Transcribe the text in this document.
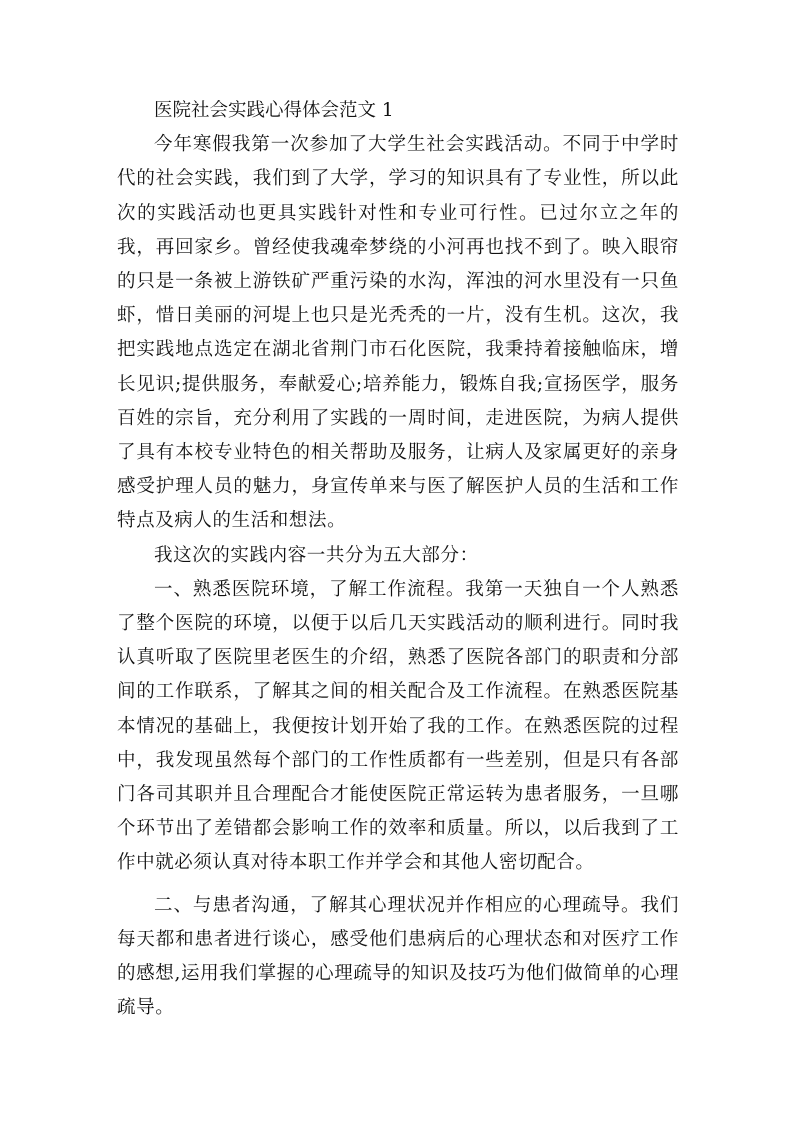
医院社会实践心得体会范文 1

今年寒假我第一次参加了大学生社会实践活动。不同于中学时代的社会实践，我们到了大学，学习的知识具有了专业性，所以此次的实践活动也更具实践针对性和专业可行性。已过尔立之年的我，再回家乡。曾经使我魂牵梦绕的小河再也找不到了。映入眼帘的只是一条被上游铁矿严重污染的水沟，浑浊的河水里没有一只鱼虾，惜日美丽的河堤上也只是光秃秃的一片，没有生机。这次，我把实践地点选定在湖北省荆门市石化医院，我秉持着接触临床，增长见识;提供服务，奉献爱心;培养能力，锻炼自我;宣扬医学，服务百姓的宗旨，充分利用了实践的一周时间，走进医院，为病人提供了具有本校专业特色的相关帮助及服务，让病人及家属更好的亲身感受护理人员的魅力，身宣传单来与医了解医护人员的生活和工作特点及病人的生活和想法。

我这次的实践内容一共分为五大部分：

一、熟悉医院环境，了解工作流程。我第一天独自一个人熟悉了整个医院的环境，以便于以后几天实践活动的顺利进行。同时我认真听取了医院里老医生的介绍，熟悉了医院各部门的职责和分部间的工作联系，了解其之间的相关配合及工作流程。在熟悉医院基本情况的基础上，我便按计划开始了我的工作。在熟悉医院的过程中，我发现虽然每个部门的工作性质都有一些差别，但是只有各部门各司其职并且合理配合才能使医院正常运转为患者服务，一旦哪个环节出了差错都会影响工作的效率和质量。所以，以后我到了工作中就必须认真对待本职工作并学会和其他人密切配合。

二、与患者沟通，了解其心理状况并作相应的心理疏导。我们每天都和患者进行谈心，感受他们患病后的心理状态和对医疗工作的感想,运用我们掌握的心理疏导的知识及技巧为他们做简单的心理疏导。
